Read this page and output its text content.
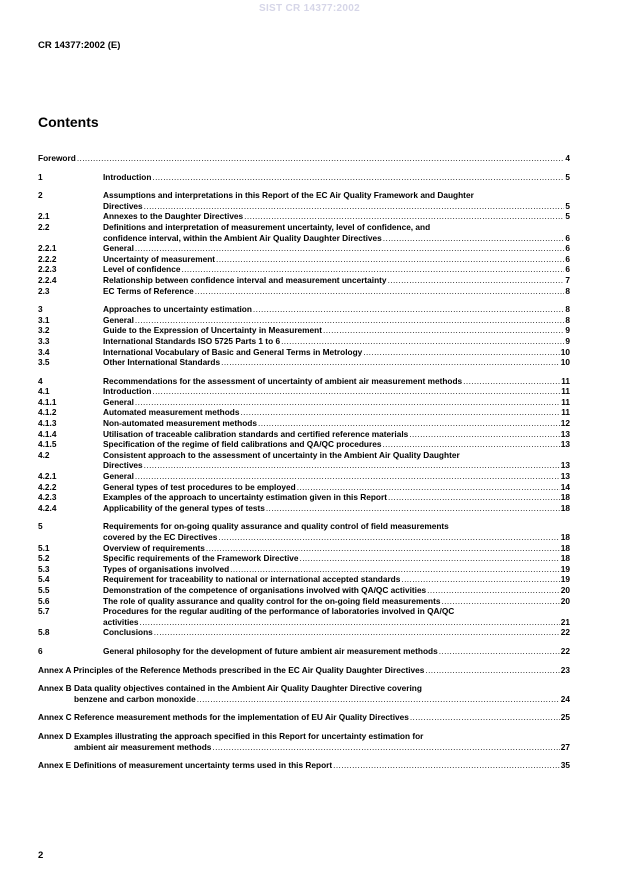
SIST CR 14377:2002
CR 14377:2002 (E)
Contents
Foreword .....	4
1	Introduction .....	5
2	Assumptions and interpretations in this Report of the EC Air Quality Framework and Daughter
Directives .....	5
2.1	Annexes to the Daughter Directives .....	5
2.2	Definitions and interpretation of measurement uncertainty, level of confidence, and
confidence interval, within the Ambient Air Quality Daughter Directives .....	6
2.2.1	General .....	6
2.2.2	Uncertainty of measurement .....	6
2.2.3	Level of confidence .....	6
2.2.4	Relationship between confidence interval and measurement uncertainty .....	7
2.3	EC Terms of Reference .....	8
3	Approaches to uncertainty estimation .....	8
3.1	General .....	8
3.2	Guide to the Expression of Uncertainty in Measurement .....	9
3.3	International Standards ISO 5725 Parts 1 to 6 .....	9
3.4	International Vocabulary of Basic and General Terms in Metrology .....	10
3.5	Other International Standards .....	10
4	Recommendations for the assessment of uncertainty of ambient air measurement methods .....	11
4.1	Introduction .....	11
4.1.1	General .....	11
4.1.2	Automated measurement methods .....	11
4.1.3	Non-automated measurement methods .....	12
4.1.4	Utilisation of traceable calibration standards and certified reference materials .....	13
4.1.5	Specification of the regime of field calibrations and QA/QC procedures .....	13
4.2	Consistent approach to the assessment of uncertainty in the Ambient Air Quality Daughter
Directives .....	13
4.2.1	General .....	13
4.2.2	General types of test procedures to be employed .....	14
4.2.3	Examples of the approach to uncertainty estimation given in this Report .....	18
4.2.4	Applicability of the general types of tests .....	18
5	Requirements for on-going quality assurance and quality control of field measurements
covered by the EC Directives .....	18
5.1	Overview of requirements .....	18
5.2	Specific requirements of the Framework Directive .....	18
5.3	Types of organisations involved .....	19
5.4	Requirement for traceability to national or international accepted standards .....	19
5.5	Demonstration of the competence of organisations involved with QA/QC activities .....	20
5.6	The role of quality assurance and quality control for the on-going field measurements .....	20
5.7	Procedures for the regular auditing of the performance of laboratories involved in QA/QC
activities .....	21
5.8	Conclusions .....	22
6	General philosophy for the development of future ambient air measurement methods .....	22
Annex A Principles of the Reference Methods prescribed in the EC Air Quality Daughter Directives .....	23
Annex B Data quality objectives contained in the Ambient Air Quality Daughter Directive covering
benzene and carbon monoxide .....	24
Annex C Reference measurement methods for the implementation of EU Air Quality Directives .....	25
Annex D Examples illustrating the approach specified in this Report for uncertainty estimation for
ambient air measurement methods .....	27
Annex E Definitions of measurement uncertainty terms used in this Report .....	35
2
